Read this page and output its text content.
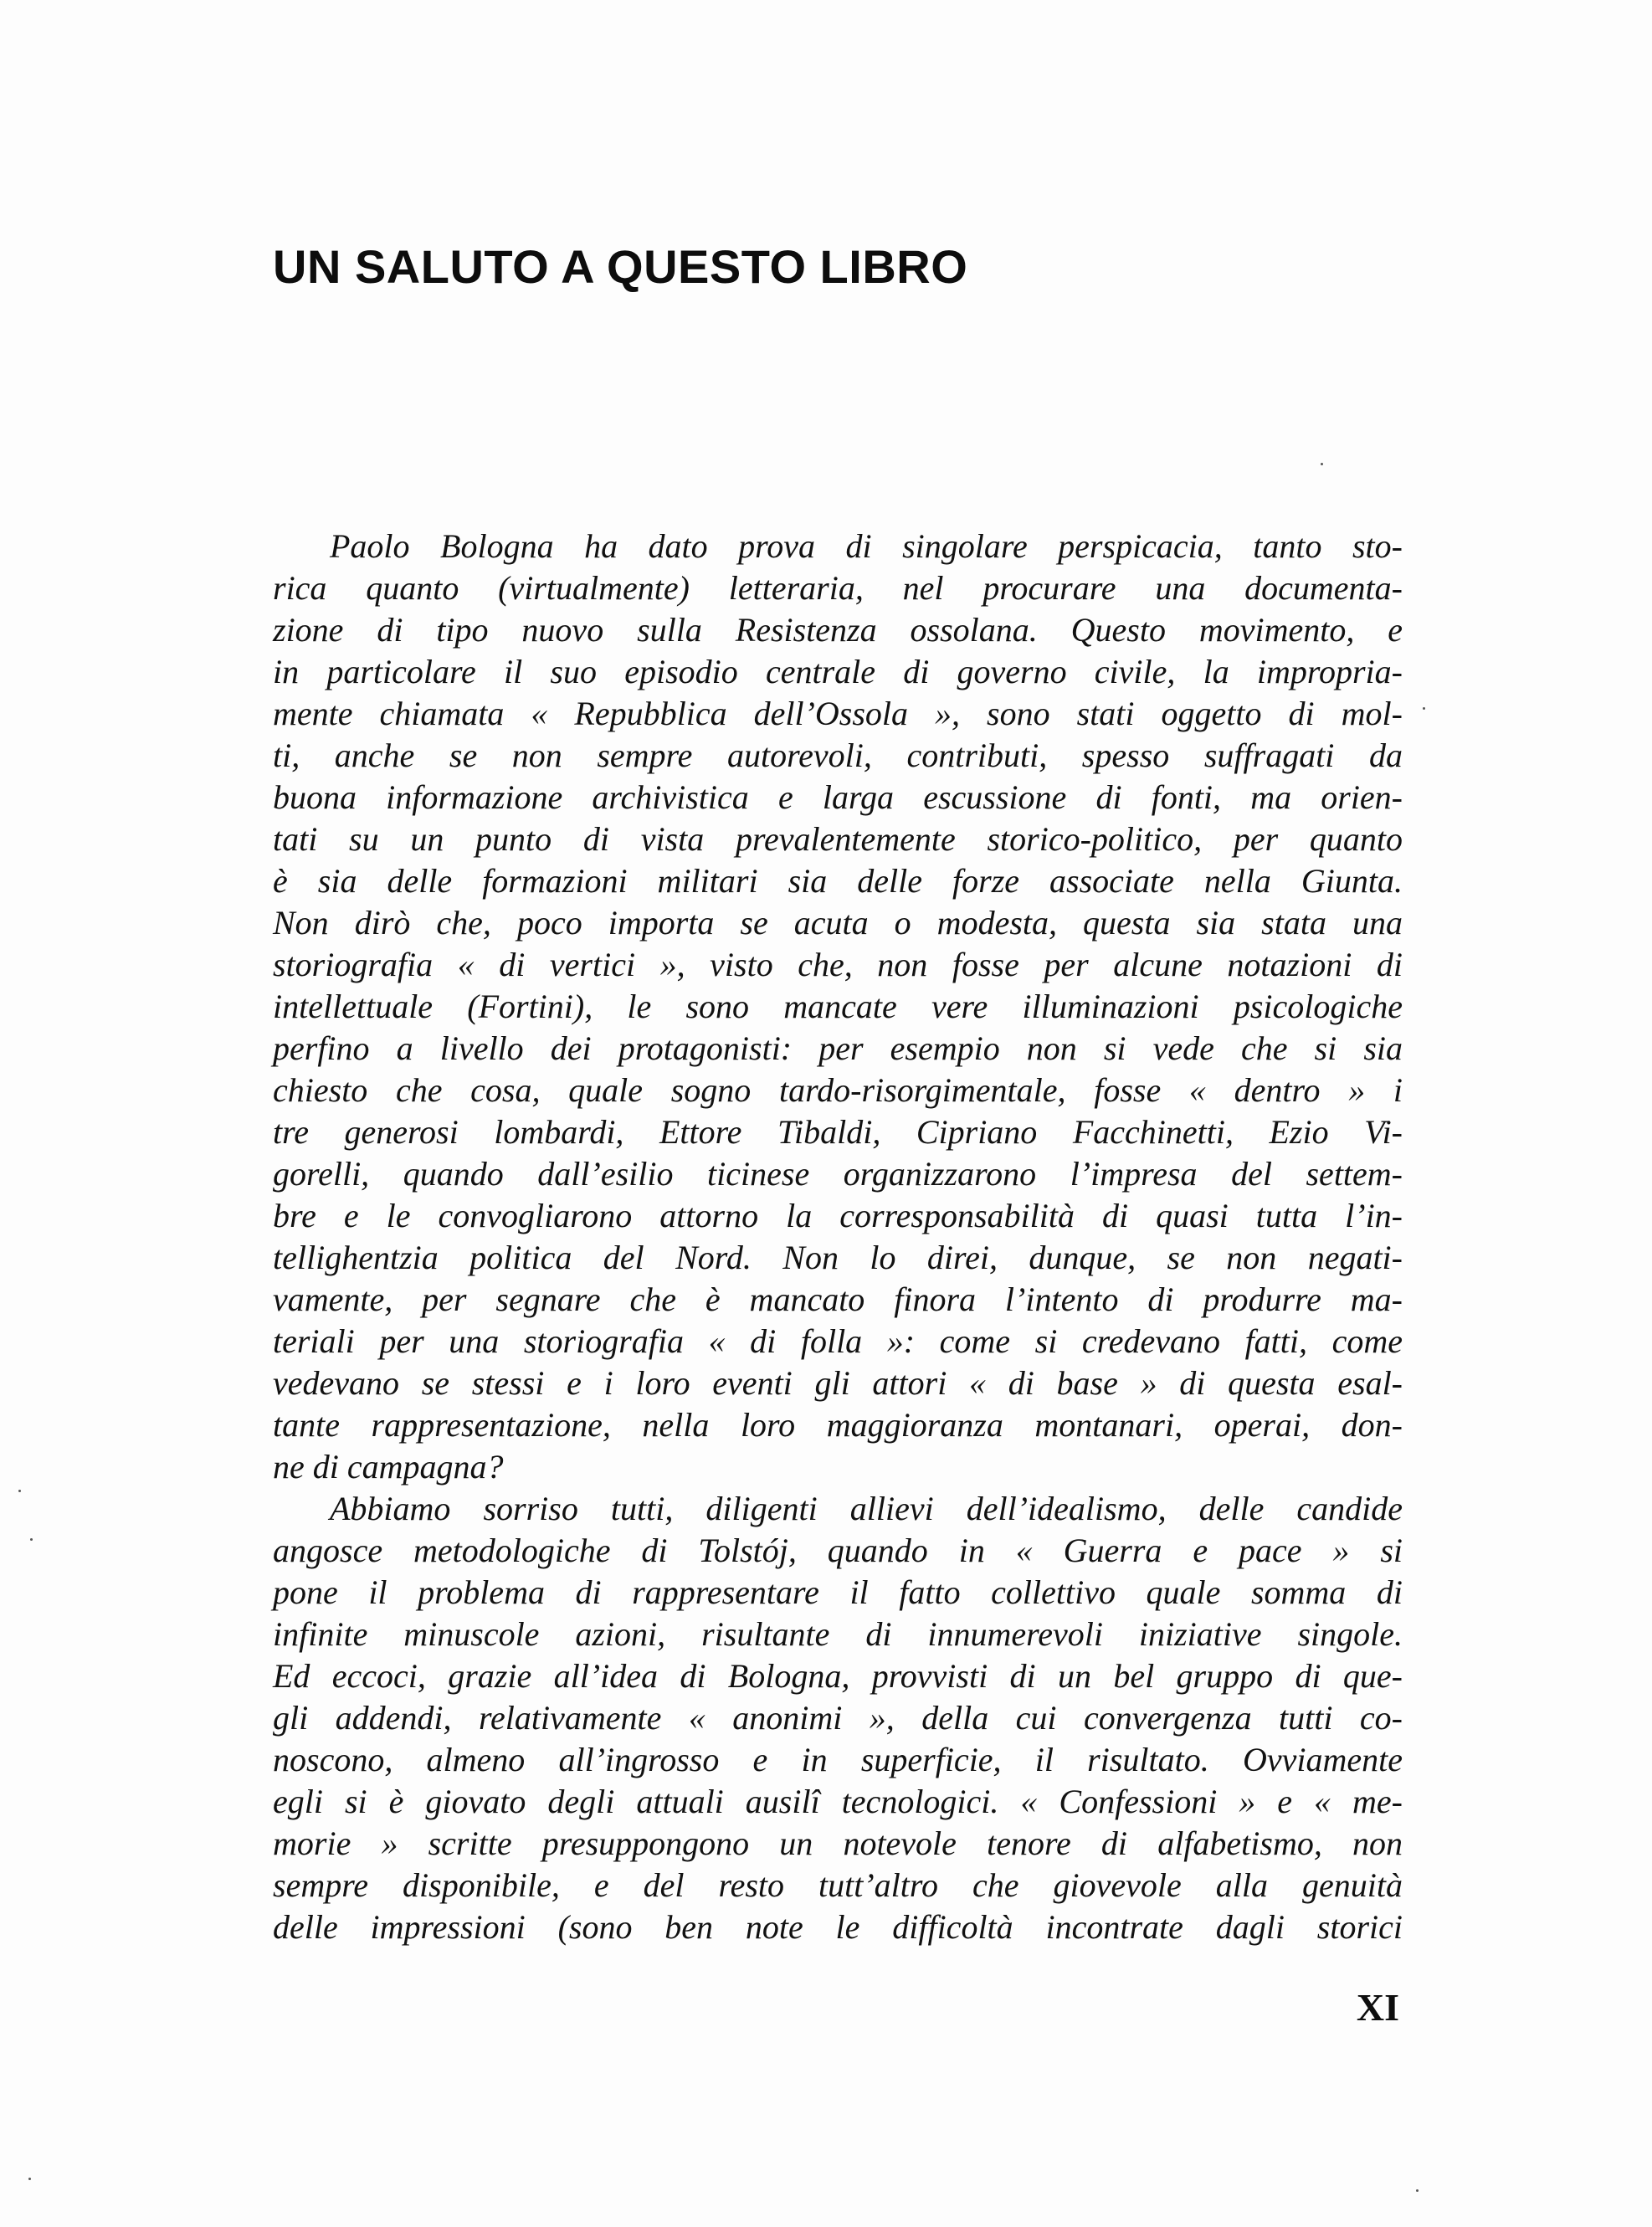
UN SALUTO A QUESTO LIBRO
Paolo Bologna ha dato prova di singolare perspicacia, tanto sto-
rica quanto (virtualmente) letteraria, nel procurare una documenta-
zione di tipo nuovo sulla Resistenza ossolana. Questo movimento, e
in particolare il suo episodio centrale di governo civile, la impropria-
mente chiamata « Repubblica dell’Ossola », sono stati oggetto di mol-
ti, anche se non sempre autorevoli, contributi, spesso suffragati da
buona informazione archivistica e larga escussione di fonti, ma orien-
tati su un punto di vista prevalentemente storico-politico, per quanto
è sia delle formazioni militari sia delle forze associate nella Giunta.
Non dirò che, poco importa se acuta o modesta, questa sia stata una
storiografia « di vertici », visto che, non fosse per alcune notazioni di
intellettuale (Fortini), le sono mancate vere illuminazioni psicologiche
perfino a livello dei protagonisti: per esempio non si vede che si sia
chiesto che cosa, quale sogno tardo-risorgimentale, fosse « dentro » i
tre generosi lombardi, Ettore Tibaldi, Cipriano Facchinetti, Ezio Vi-
gorelli, quando dall’esilio ticinese organizzarono l’impresa del settem-
bre e le convogliarono attorno la corresponsabilità di quasi tutta l’in-
tellighentzia politica del Nord. Non lo direi, dunque, se non negati-
vamente, per segnare che è mancato finora l’intento di produrre ma-
teriali per una storiografia « di folla »: come si credevano fatti, come
vedevano se stessi e i loro eventi gli attori « di base » di questa esal-
tante rappresentazione, nella loro maggioranza montanari, operai, don-
ne di campagna?
Abbiamo sorriso tutti, diligenti allievi dell’idealismo, delle candide
angosce metodologiche di Tolstój, quando in « Guerra e pace » si
pone il problema di rappresentare il fatto collettivo quale somma di
infinite minuscole azioni, risultante di innumerevoli iniziative singole.
Ed eccoci, grazie all’idea di Bologna, provvisti di un bel gruppo di que-
gli addendi, relativamente « anonimi », della cui convergenza tutti co-
noscono, almeno all’ingrosso e in superficie, il risultato. Ovviamente
egli si è giovato degli attuali ausilî tecnologici. « Confessioni » e « me-
morie » scritte presuppongono un notevole tenore di alfabetismo, non
sempre disponibile, e del resto tutt’altro che giovevole alla genuità
delle impressioni (sono ben note le difficoltà incontrate dagli storici
XI
